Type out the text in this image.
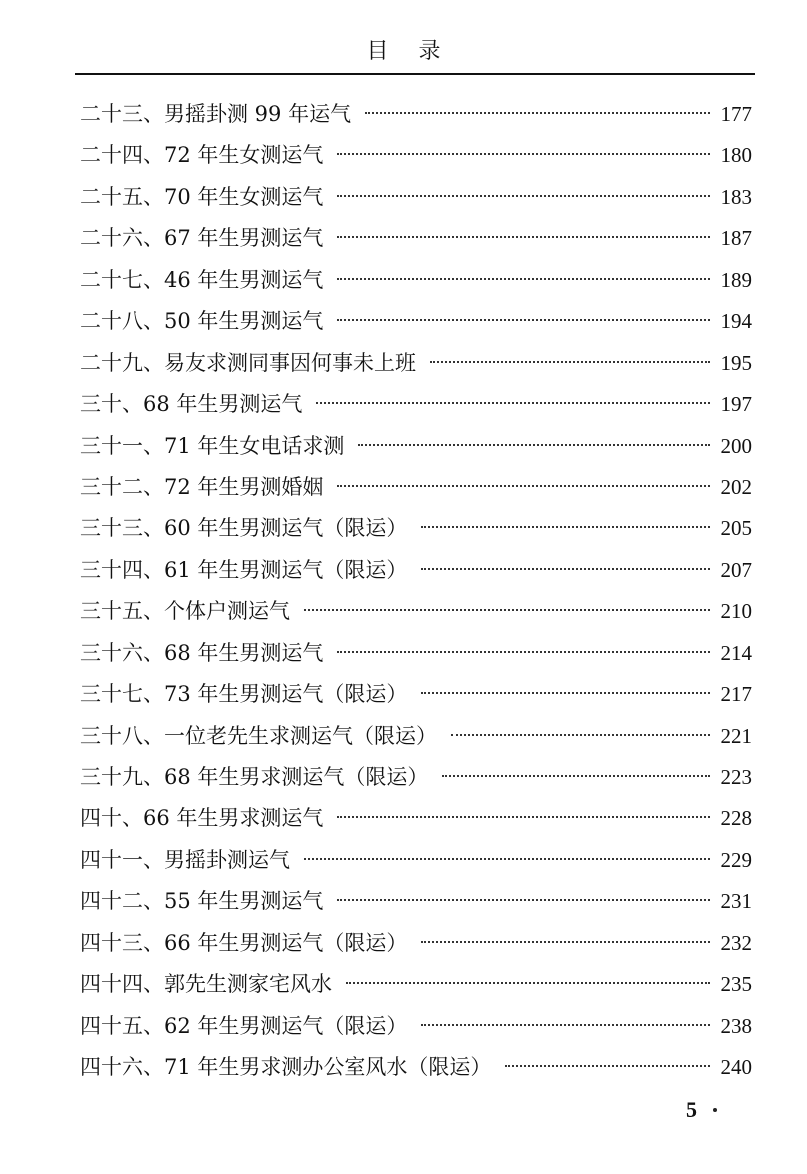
目录
二十三、男摇卦测 99 年运气	177
二十四、72 年生女测运气	180
二十五、70 年生女测运气	183
二十六、67 年生男测运气	187
二十七、46 年生男测运气	189
二十八、50 年生男测运气	194
二十九、易友求测同事因何事未上班	195
三十、68 年生男测运气	197
三十一、71 年生女电话求测	200
三十二、72 年生男测婚姻	202
三十三、60 年生男测运气（限运）	205
三十四、61 年生男测运气（限运）	207
三十五、个体户测运气	210
三十六、68 年生男测运气	214
三十七、73 年生男测运气（限运）	217
三十八、一位老先生求测运气（限运）	221
三十九、68 年生男求测运气（限运）	223
四十、66 年生男求测运气	228
四十一、男摇卦测运气	229
四十二、55 年生男测运气	231
四十三、66 年生男测运气（限运）	232
四十四、郭先生测家宅风水	235
四十五、62 年生男测运气（限运）	238
四十六、71 年生男求测办公室风水（限运）	240
5
